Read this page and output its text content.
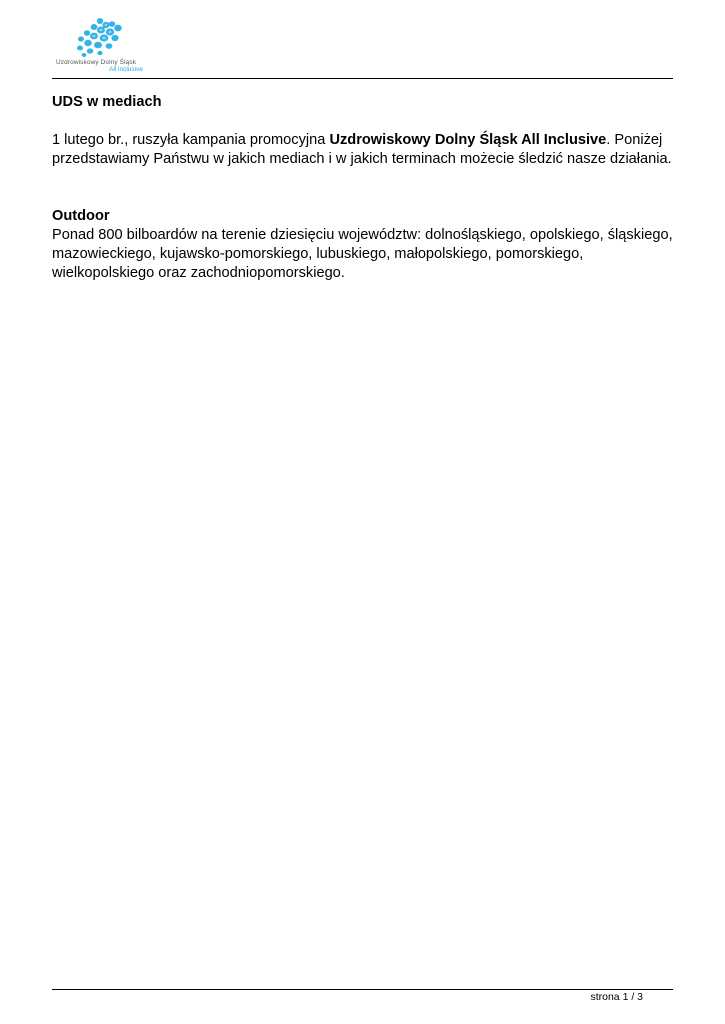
Uzdrowiskowy Dolny Śląsk
All inclusive

UDS w mediach

1 lutego br., ruszyła kampania promocyjna Uzdrowiskowy Dolny Śląsk All Inclusive. Poniżej przedstawiamy Państwu w jakich mediach i w jakich terminach możecie śledzić nasze działania.

Outdoor

Ponad 800 bilboardów na terenie dziesięciu województw: dolnośląskiego, opolskiego, śląskiego, mazowieckiego, kujawsko-pomorskiego, lubuskiego, małopolskiego, pomorskiego, wielkopolskiego oraz zachodniopomorskiego.

strona 1 / 3
